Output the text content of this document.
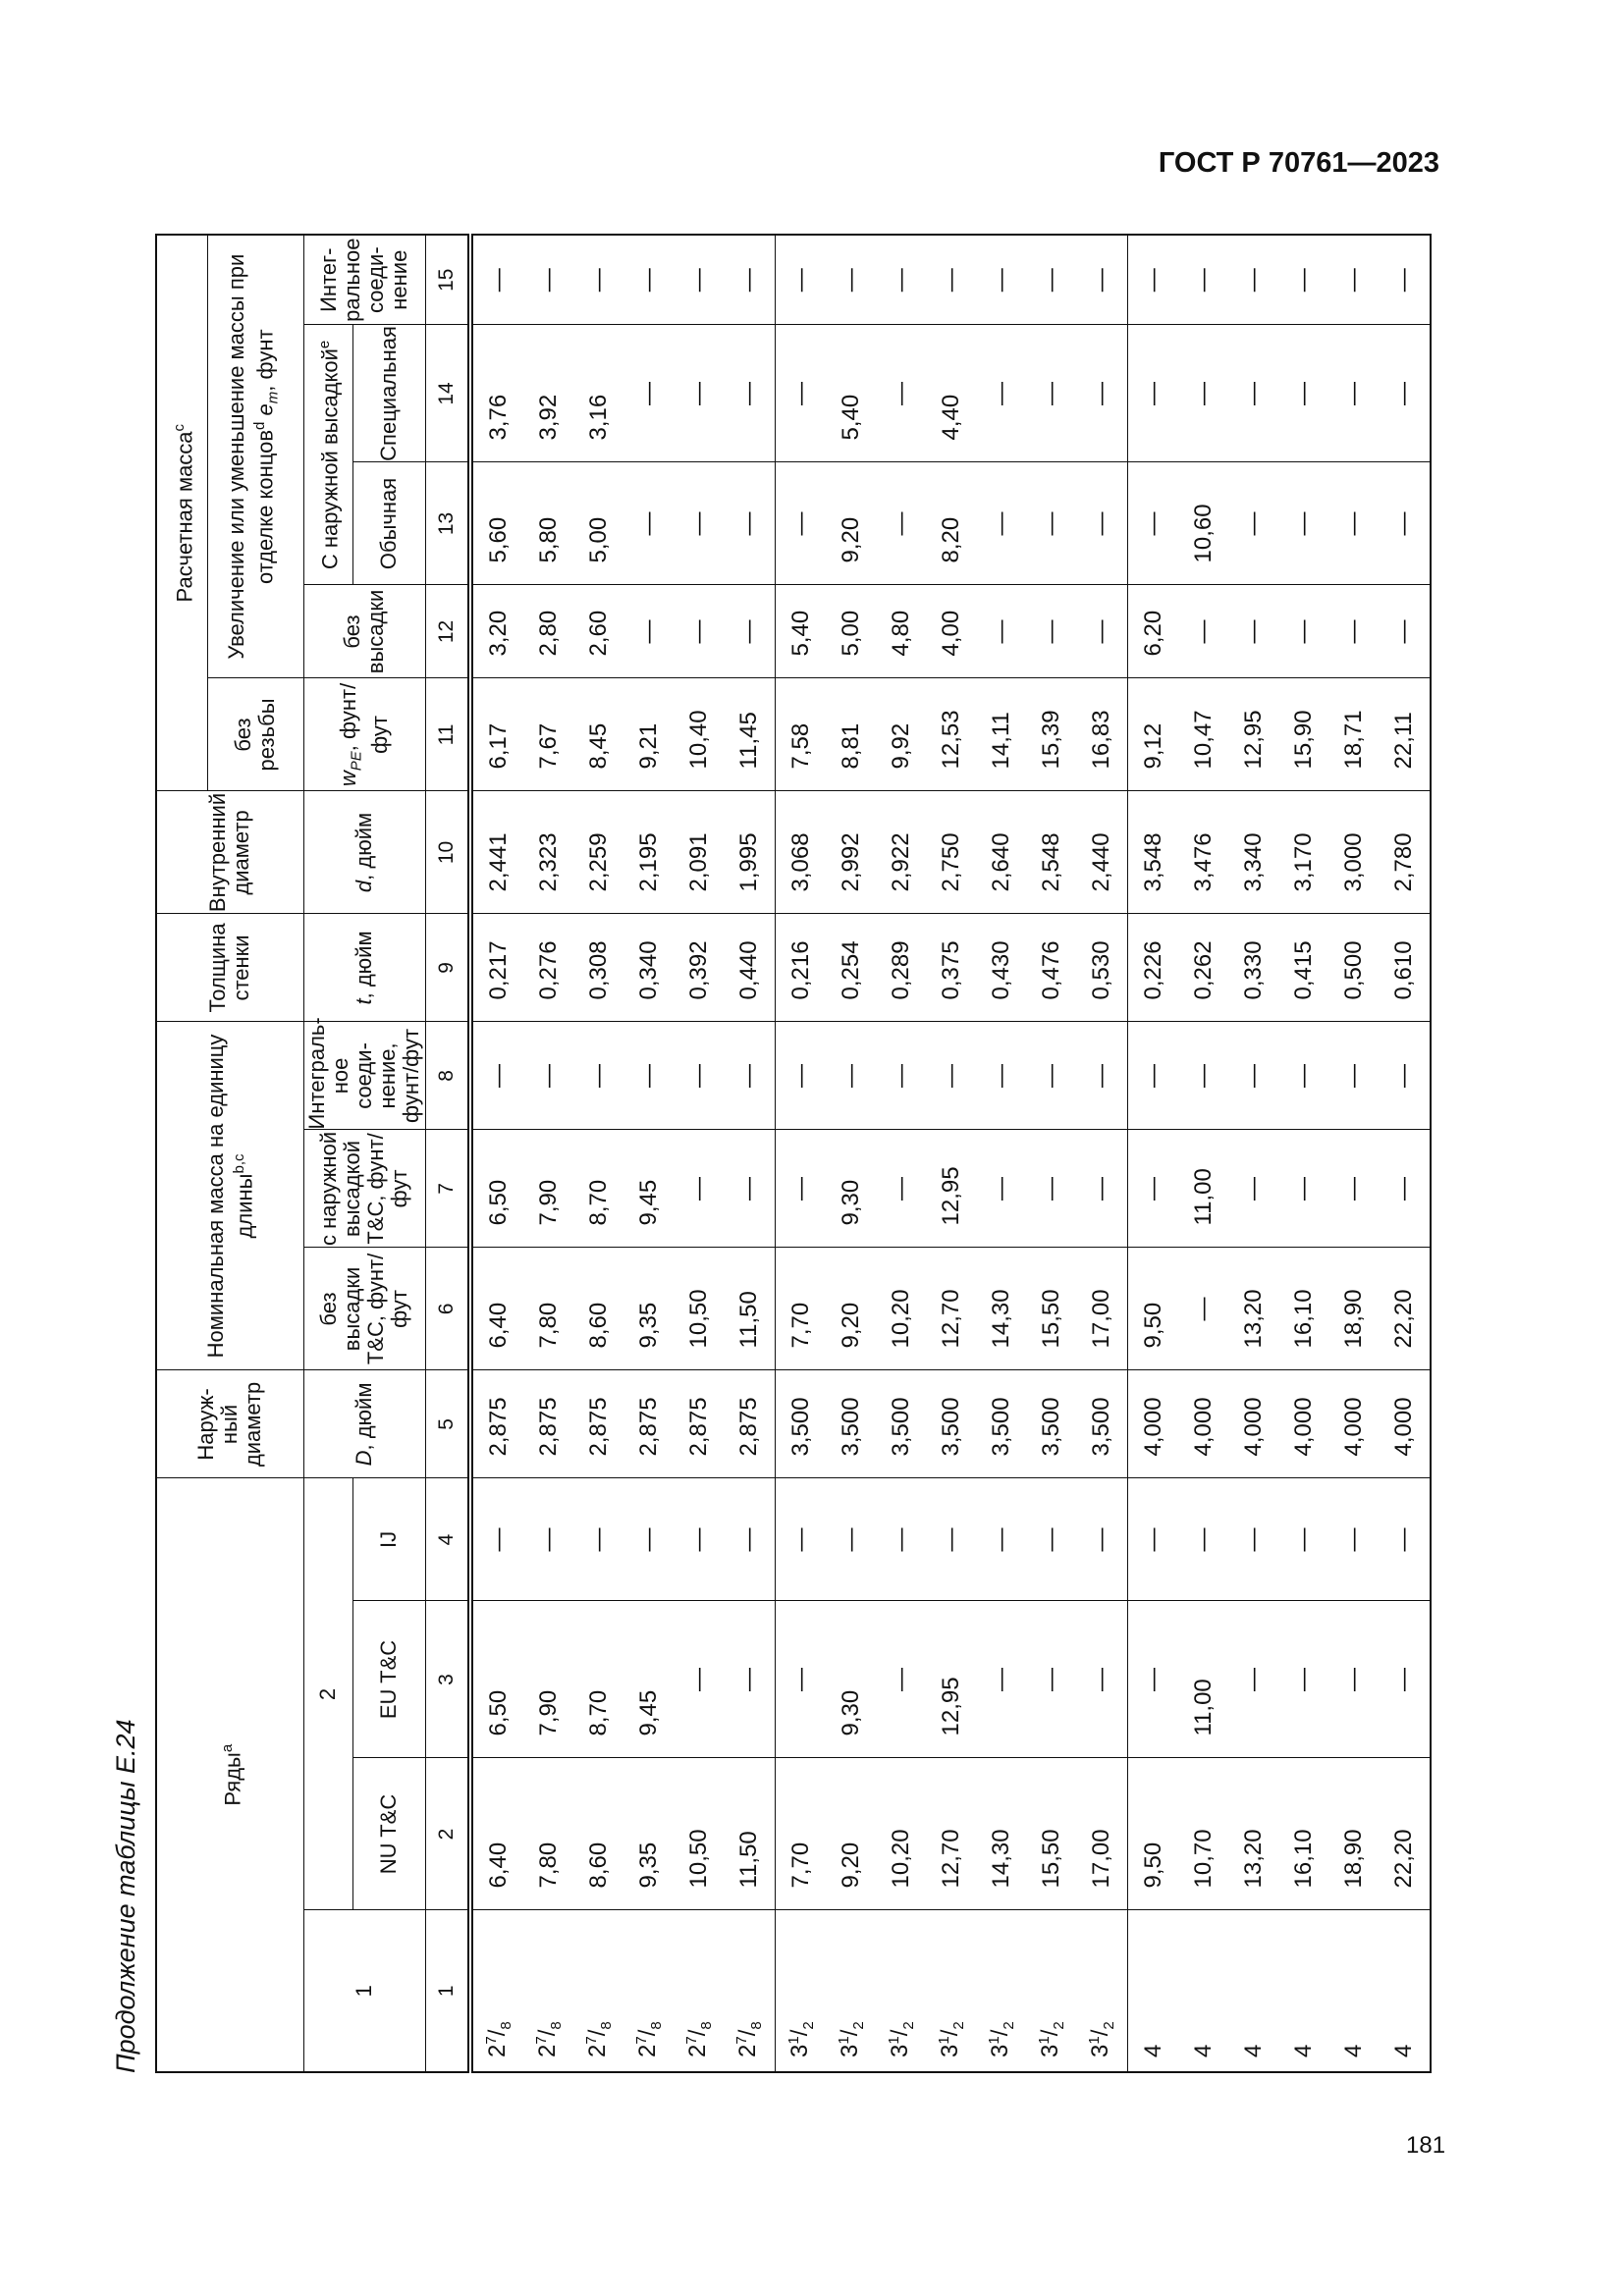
ГОСТ Р 70761—2023
Продолжение таблицы Е.24	Ряды$^a$				Наруж-ный диаметр	Номинальная масса на единицу длины$^{b,c}$			Толщина стенки	Внутренний диаметр	Расчетная масса$^c$
										без резьбы	Увеличение или уменьшение массы при отделке концов$^d$ $e_m$, фунт			
1	2			D, дюйм	без высадки T&C, фунт/фут	с наружной высадкой T&C, фунт/фут	Интеграль-ное соеди-нение, фунт/фут	t, дюйм	d, дюйм	$w_{PE}$, фунт/фут	без высадки	С наружной высадкой$^e$		Интег-ральное соеди-нение
	NU T&C	EU T&C	IJ									Обычная	Специальная	
1	2	3	4	5	6	7	8	9	10	11	12	13	14	15
$2^7/_8$	6,40	6,50	—	2,875	6,40	6,50	—	0,217	2,441	6,17	3,20	5,60	3,76	—
$2^7/_8$	7,80	7,90	—	2,875	7,80	7,90	—	0,276	2,323	7,67	2,80	5,80	3,92	—
$2^7/_8$	8,60	8,70	—	2,875	8,60	8,70	—	0,308	2,259	8,45	2,60	5,00	3,16	—
$2^7/_8$	9,35	9,45	—	2,875	9,35	9,45	—	0,340	2,195	9,21	—	—	—	—
$2^7/_8$	10,50	—	—	2,875	10,50	—	—	0,392	2,091	10,40	—	—	—	—
$2^7/_8$	11,50	—	—	2,875	11,50	—	—	0,440	1,995	11,45	—	—	—	—
$3^1/_2$	7,70	—	—	3,500	7,70	—	—	0,216	3,068	7,58	5,40	—	—	—
$3^1/_2$	9,20	9,30	—	3,500	9,20	9,30	—	0,254	2,992	8,81	5,00	9,20	5,40	—
$3^1/_2$	10,20	—	—	3,500	10,20	—	—	0,289	2,922	9,92	4,80	—	—	—
$3^1/_2$	12,70	12,95	—	3,500	12,70	12,95	—	0,375	2,750	12,53	4,00	8,20	4,40	—
$3^1/_2$	14,30	—	—	3,500	14,30	—	—	0,430	2,640	14,11	—	—	—	—
$3^1/_2$	15,50	—	—	3,500	15,50	—	—	0,476	2,548	15,39	—	—	—	—
$3^1/_2$	17,00	—	—	3,500	17,00	—	—	0,530	2,440	16,83	—	—	—	—
4	9,50	—	—	4,000	9,50	—	—	0,226	3,548	9,12	6,20	—	—	—
4	10,70	11,00	—	4,000	—	11,00	—	0,262	3,476	10,47	—	10,60	—	—
4	13,20	—	—	4,000	13,20	—	—	0,330	3,340	12,95	—	—	—	—
4	16,10	—	—	4,000	16,10	—	—	0,415	3,170	15,90	—	—	—	—
4	18,90	—	—	4,000	18,90	—	—	0,500	3,000	18,71	—	—	—	—
4	22,20	—	—	4,000	22,20	—	—	0,610	2,780	22,11	—	—	—	—
181
